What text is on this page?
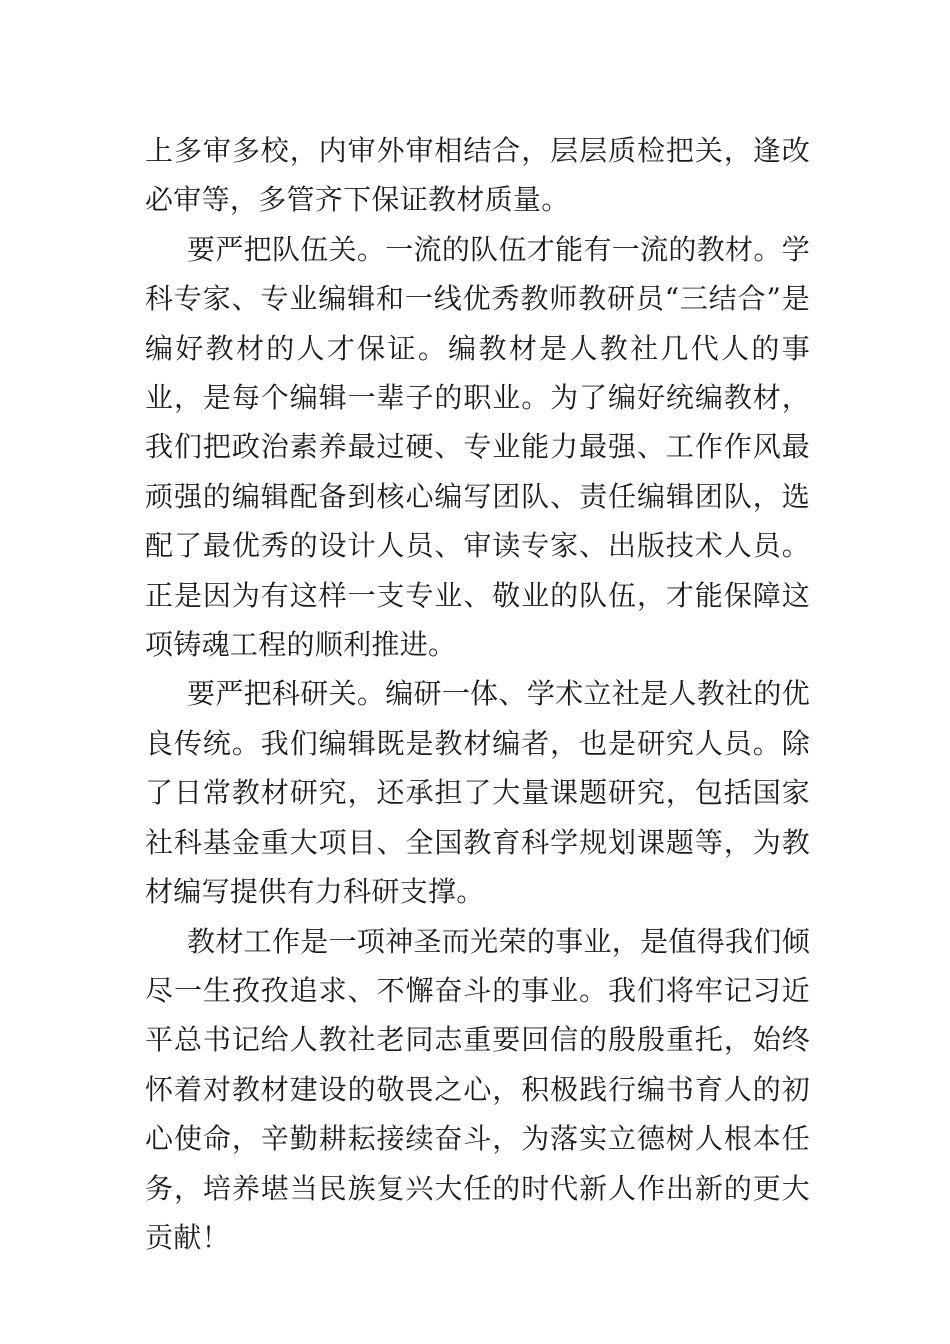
上多审多校，内审外审相结合，层层质检把关，逢改必审等，多管齐下保证教材质量。

要严把队伍关。一流的队伍才能有一流的教材。学科专家、专业编辑和一线优秀教师教研员“三结合”是编好教材的人才保证。编教材是人教社几代人的事业，是每个编辑一辈子的职业。为了编好统编教材，我们把政治素养最过硬、专业能力最强、工作作风最顽强的编辑配备到核心编写团队、责任编辑团队，选配了最优秀的设计人员、审读专家、出版技术人员。正是因为有这样一支专业、敬业的队伍，才能保障这项铸魂工程的顺利推进。

要严把科研关。编研一体、学术立社是人教社的优良传统。我们编辑既是教材编者，也是研究人员。除了日常教材研究，还承担了大量课题研究，包括国家社科基金重大项目、全国教育科学规划课题等，为教材编写提供有力科研支撑。

教材工作是一项神圣而光荣的事业，是值得我们倾尽一生孜孜追求、不懈奋斗的事业。我们将牢记习近平总书记给人教社老同志重要回信的殷殷重托，始终怀着对教材建设的敬畏之心，积极践行编书育人的初心使命，辛勤耕耘接续奋斗，为落实立德树人根本任务，培养堪当民族复兴大任的时代新人作出新的更大贡献！
